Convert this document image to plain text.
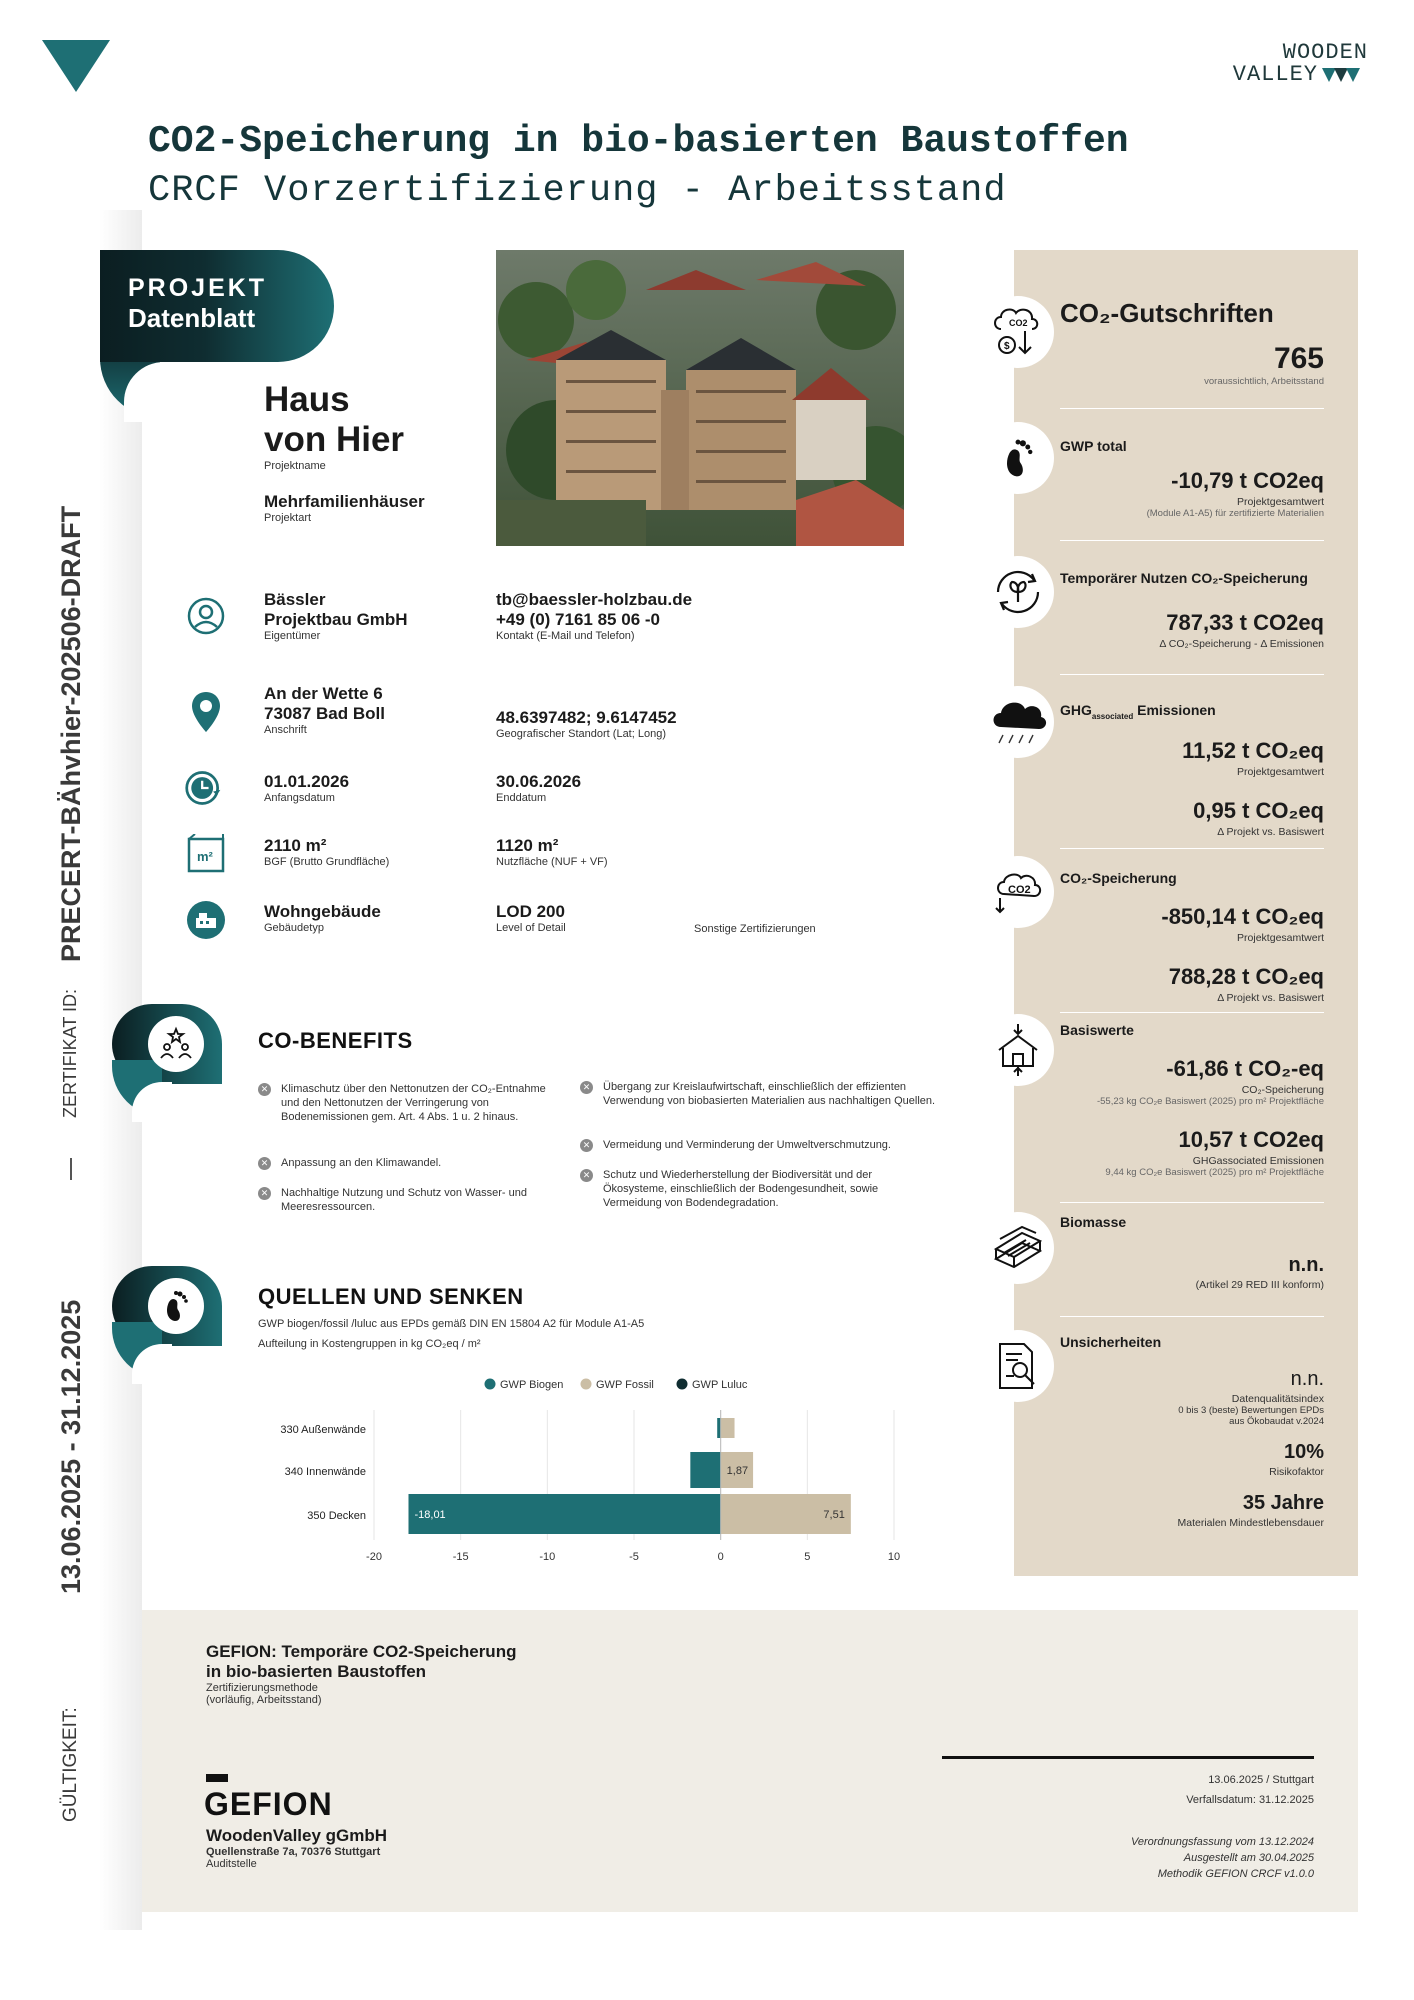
WOODEN
VALLEY
CO2-Speicherung in bio-basierten Baustoffen
CRCF Vorzertifizierung - Arbeitsstand
ZERTIFIKAT ID:
PRECERT-BÄhvhier-202506-DRAFT
13.06.2025 - 31.12.2025
GÜLTIGKEIT:
PROJEKT
Datenblatt
Haus
von Hier
Projektname
Mehrfamilienhäuser
Projektart
Bässler
Projektbau GmbH
Eigentümer
tb@baessler-holzbau.de
+49 (0) 7161 85 06 -0
Kontakt (E-Mail und Telefon)
An der Wette 6
73087 Bad Boll
Anschrift
48.6397482; 9.6147452
Geografischer Standort (Lat; Long)
01.01.2026
Anfangsdatum
30.06.2026
Enddatum
m²
2110 m²
BGF (Brutto Grundfläche)
1120 m²
Nutzfläche (NUF + VF)
Wohngebäude
Gebäudetyp
LOD 200
Level of Detail	Sonstige Zertifizierungen
CO-BENEFITS
✕ Klimaschutz über den Nettonutzen der CO₂-Entnahme und den Nettonutzen der Verringerung von Bodenemissionen gem. Art. 4 Abs. 1 u. 2 hinaus.
✕ Anpassung an den Klimawandel.
✕ Nachhaltige Nutzung und Schutz von Wasser- und Meeresressourcen.
✕ Übergang zur Kreislaufwirtschaft, einschließlich der effizienten Verwendung von biobasierten Materialien aus nachhaltigen Quellen.
✕ Vermeidung und Verminderung der Umweltverschmutzung.
✕ Schutz und Wiederherstellung der Biodiversität und der Ökosysteme, einschließlich der Bodengesundheit, sowie Vermeidung von Bodendegradation.
QUELLEN UND SENKEN
GWP biogen/fossil /luluc aus EPDs gemäß DIN EN 15804 A2 für Module A1-A5
Aufteilung in Kostengruppen in kg CO₂eq / m²
GWP Biogen	GWP Fossil	GWP Luluc
-20	-15	-10	-5	0	5	10
330 Außenwände
340 Innenwände
350 Decken
1,87
-18,01	7,51
CO2
$
CO₂-Gutschriften
765
voraussichtlich, Arbeitsstand
GWP total
-10,79 t CO2eq
Projektgesamtwert
(Module A1-A5) für zertifizierte Materialien
Temporärer Nutzen CO₂-Speicherung
787,33 t CO2eq
Δ CO₂-Speicherung - Δ Emissionen
$GHG_{associated}$ Emissionen
11,52 t CO₂eq
Projektgesamtwert
0,95 t CO₂eq
Δ Projekt vs. Basiswert
CO2
CO₂-Speicherung
-850,14 t CO₂eq
Projektgesamtwert
788,28 t CO₂eq
Δ Projekt vs. Basiswert
Basiswerte
-61,86 t CO₂-eq
CO₂-Speicherung
-55,23 kg CO₂e Basiswert (2025) pro m² Projektfläche
10,57 t CO2eq
GHGassociated Emissionen
9,44 kg CO₂e Basiswert (2025) pro m² Projektfläche
Biomasse
n.n.
(Artikel 29 RED III konform)
Unsicherheiten
n.n.
Datenqualitätsindex
0 bis 3 (beste) Bewertungen EPDs
aus Ökobaudat v.2024
10%
Risikofaktor
35 Jahre
Materialen Mindestlebensdauer
GEFION: Temporäre CO2-Speicherung
in bio-basierten Baustoffen
Zertifizierungsmethode
(vorläufig, Arbeitsstand)
GEFION
WoodenValley gGmbH
Quellenstraße 7a, 70376 Stuttgart
Auditstelle
13.06.2025 / Stuttgart
Verfallsdatum: 31.12.2025
Verordnungsfassung vom 13.12.2024
Ausgestellt am 30.04.2025
Methodik GEFION CRCF v1.0.0
